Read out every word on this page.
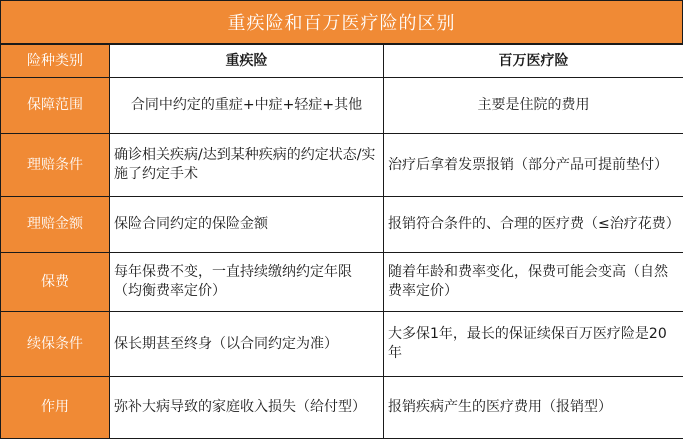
重疾险和百万医疗险的区别
险种类别	重疾险	百万医疗险
保障范围	合同中约定的重症+中症+轻症+其他	主要是住院的费用
理赔条件	确诊相关疾病/达到某种疾病的约定状态/实施了约定手术	治疗后拿着发票报销（部分产品可提前垫付）
理赔金额	保险合同约定的保险金额	报销符合条件的、合理的医疗费（≤治疗花费）
保费	每年保费不变，一直持续缴纳约定年限（均衡费率定价）	随着年龄和费率变化，保费可能会变高（自然费率定价）
续保条件	保长期甚至终身（以合同约定为准）	大多保1年，最长的保证续保百万医疗险是20年
作用	弥补大病导致的家庭收入损失（给付型）	报销疾病产生的医疗费用（报销型）
